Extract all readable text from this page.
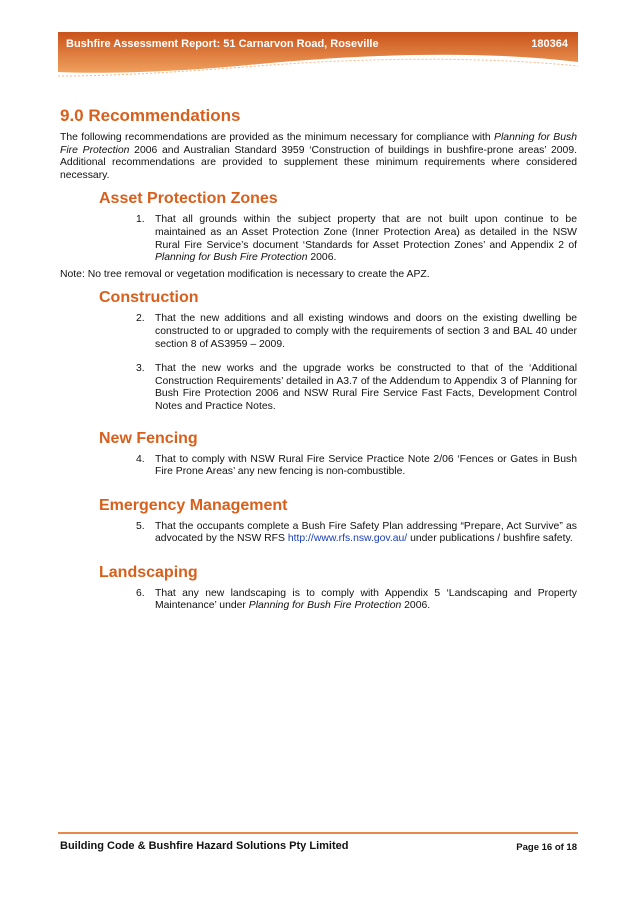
Bushfire Assessment Report: 51 Carnarvon Road, Roseville	180364
9.0 Recommendations

The following recommendations are provided as the minimum necessary for compliance with Planning for Bush Fire Protection 2006 and Australian Standard 3959 ‘Construction of buildings in bushfire-prone areas’ 2009. Additional recommendations are provided to supplement these minimum requirements where considered necessary.

Asset Protection Zones
1. That all grounds within the subject property that are not built upon continue to be maintained as an Asset Protection Zone (Inner Protection Area) as detailed in the NSW Rural Fire Service’s document ‘Standards for Asset Protection Zones’ and Appendix 2 of Planning for Bush Fire Protection 2006.
Note: No tree removal or vegetation modification is necessary to create the APZ.
Construction
2. That the new additions and all existing windows and doors on the existing dwelling be constructed to or upgraded to comply with the requirements of section 3 and BAL 40 under section 8 of AS3959 – 2009.
3. That the new works and the upgrade works be constructed to that of the ‘Additional Construction Requirements’ detailed in A3.7 of the Addendum to Appendix 3 of Planning for Bush Fire Protection 2006 and NSW Rural Fire Service Fast Facts, Development Control Notes and Practice Notes.
New Fencing
4. That to comply with NSW Rural Fire Service Practice Note 2/06 ‘Fences or Gates in Bush Fire Prone Areas’ any new fencing is non-combustible.
Emergency Management
5. That the occupants complete a Bush Fire Safety Plan addressing “Prepare, Act Survive” as advocated by the NSW RFS http://www.rfs.nsw.gov.au/ under publications / bushfire safety.
Landscaping
6. That any new landscaping is to comply with Appendix 5 ‘Landscaping and Property Maintenance’ under Planning for Bush Fire Protection 2006.
Building Code & Bushfire Hazard Solutions Pty Limited	Page 16 of 18
